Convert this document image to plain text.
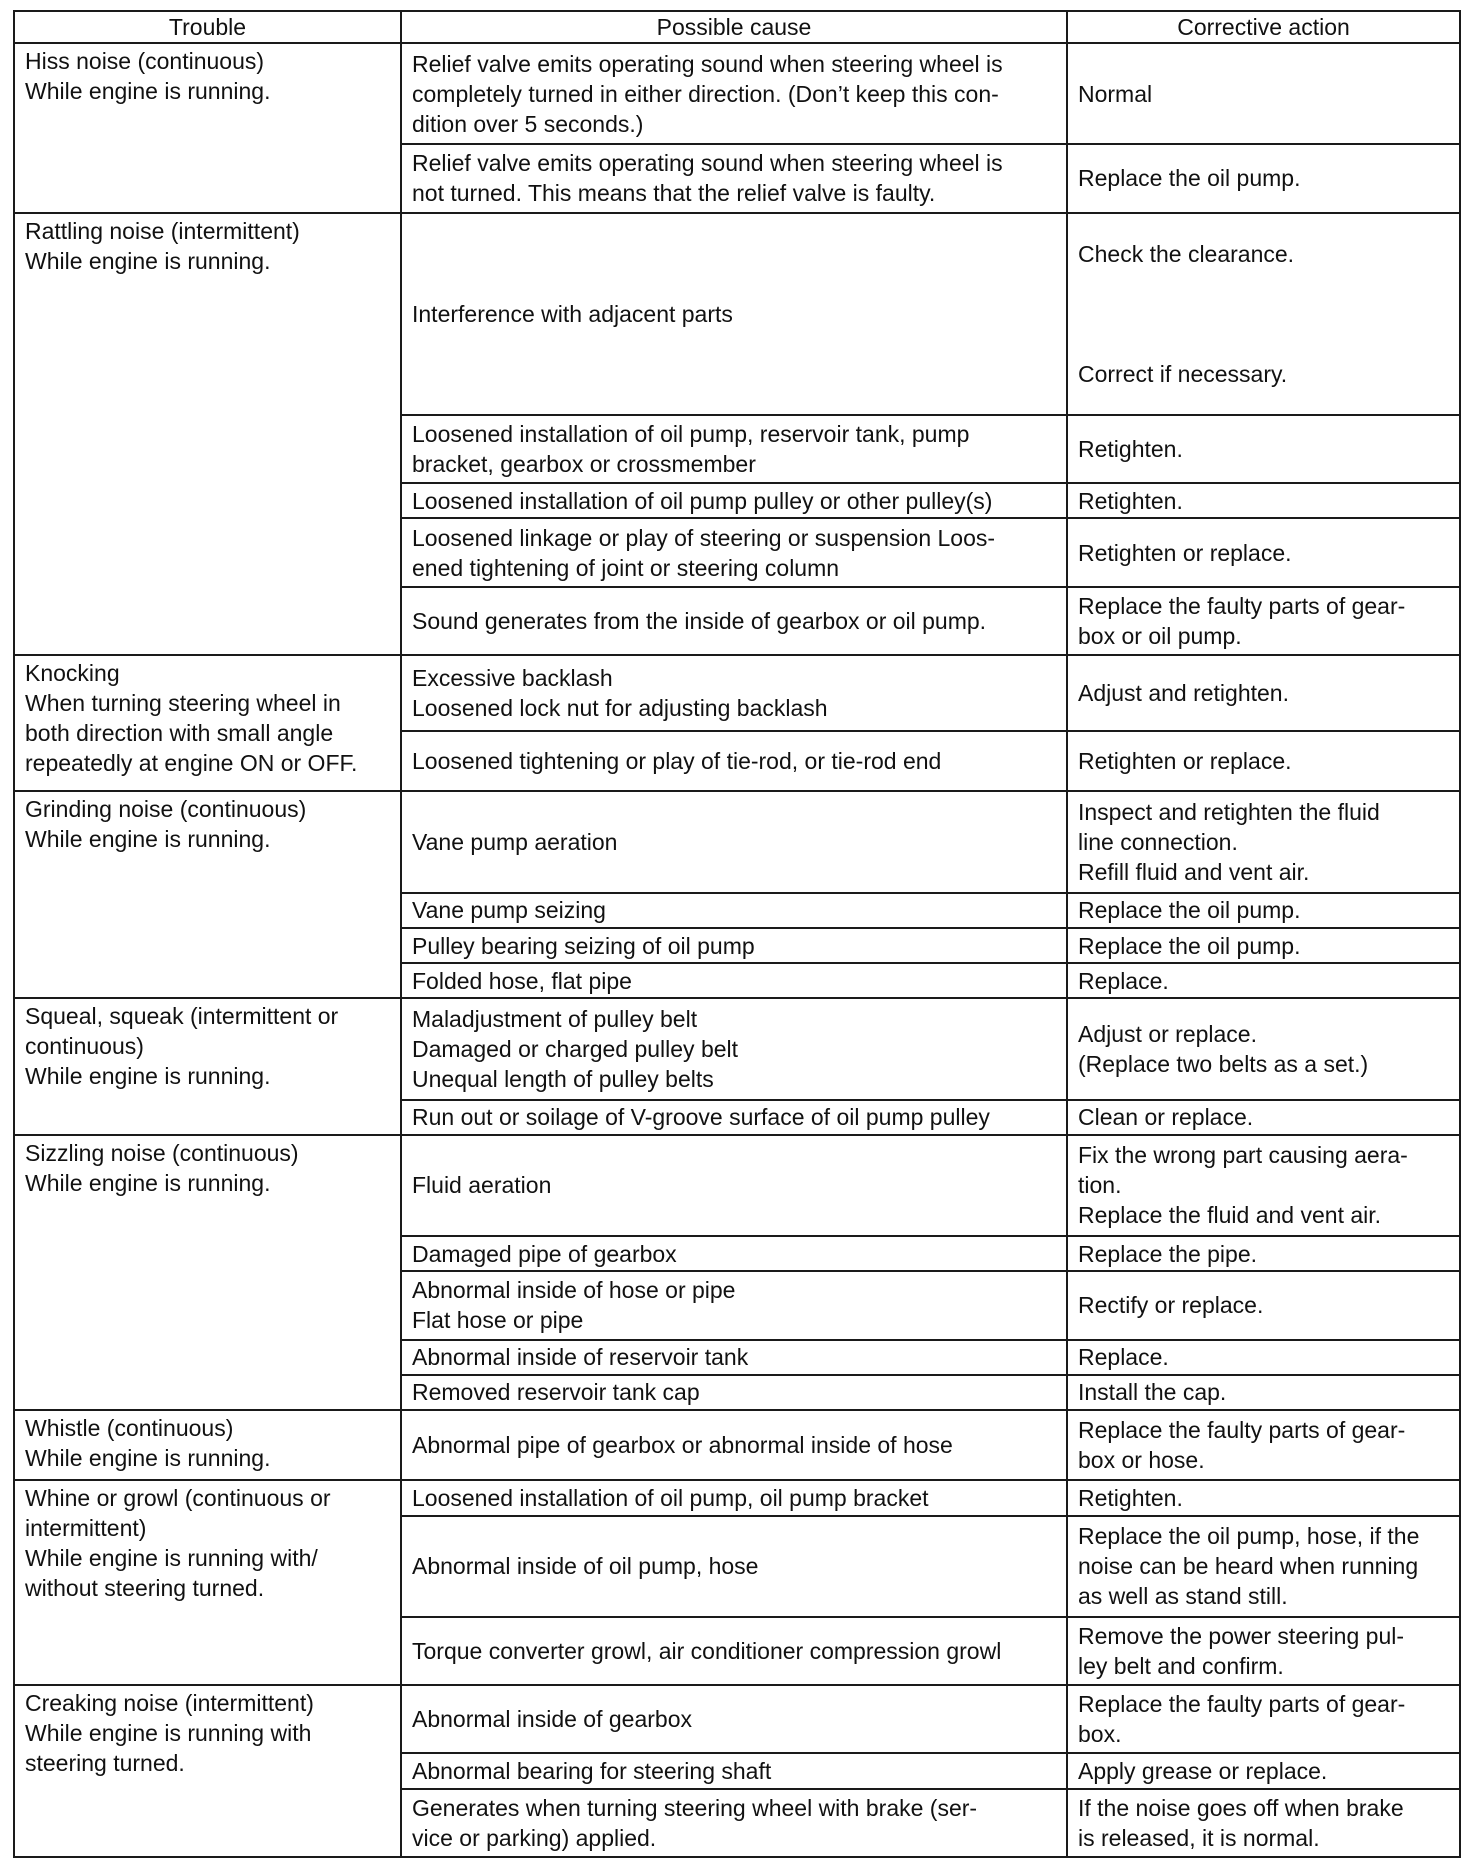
Trouble	Possible cause	Corrective action

Hiss noise (continuous)
While engine is running.	Relief valve emits operating sound when steering wheel is
completely turned in either direction. (Don’t keep this con-
dition over 5 seconds.)	Normal

	Relief valve emits operating sound when steering wheel is
not turned. This means that the relief valve is faulty.	Replace the oil pump.

Rattling noise (intermittent)
While engine is running.	Interference with adjacent parts	Check the clearance.

Correct if necessary.

	Loosened installation of oil pump, reservoir tank, pump
bracket, gearbox or crossmember	Retighten.

	Loosened installation of oil pump pulley or other pulley(s)	Retighten.

	Loosened linkage or play of steering or suspension Loos-
ened tightening of joint or steering column	Retighten or replace.

	Sound generates from the inside of gearbox or oil pump.	Replace the faulty parts of gear-
box or oil pump.

Knocking
When turning steering wheel in
both direction with small angle
repeatedly at engine ON or OFF.	Excessive backlash
Loosened lock nut for adjusting backlash	Adjust and retighten.

	Loosened tightening or play of tie-rod, or tie-rod end	Retighten or replace.

Grinding noise (continuous)
While engine is running.	Vane pump aeration	Inspect and retighten the fluid
line connection.
Refill fluid and vent air.

	Vane pump seizing	Replace the oil pump.

	Pulley bearing seizing of oil pump	Replace the oil pump.

	Folded hose, flat pipe	Replace.

Squeal, squeak (intermittent or
continuous)
While engine is running.	Maladjustment of pulley belt
Damaged or charged pulley belt
Unequal length of pulley belts	Adjust or replace.
(Replace two belts as a set.)

	Run out or soilage of V-groove surface of oil pump pulley	Clean or replace.

Sizzling noise (continuous)
While engine is running.	Fluid aeration	Fix the wrong part causing aera-
tion.
Replace the fluid and vent air.

	Damaged pipe of gearbox	Replace the pipe.

	Abnormal inside of hose or pipe
Flat hose or pipe	Rectify or replace.

	Abnormal inside of reservoir tank	Replace.

	Removed reservoir tank cap	Install the cap.

Whistle (continuous)
While engine is running.	Abnormal pipe of gearbox or abnormal inside of hose	Replace the faulty parts of gear-
box or hose.

Whine or growl (continuous or
intermittent)
While engine is running with/
without steering turned.	Loosened installation of oil pump, oil pump bracket	Retighten.

	Abnormal inside of oil pump, hose	Replace the oil pump, hose, if the
noise can be heard when running
as well as stand still.

	Torque converter growl, air conditioner compression growl	Remove the power steering pul-
ley belt and confirm.

Creaking noise (intermittent)
While engine is running with
steering turned.	Abnormal inside of gearbox	Replace the faulty parts of gear-
box.

	Abnormal bearing for steering shaft	Apply grease or replace.

	Generates when turning steering wheel with brake (ser-
vice or parking) applied.	If the noise goes off when brake
is released, it is normal.
